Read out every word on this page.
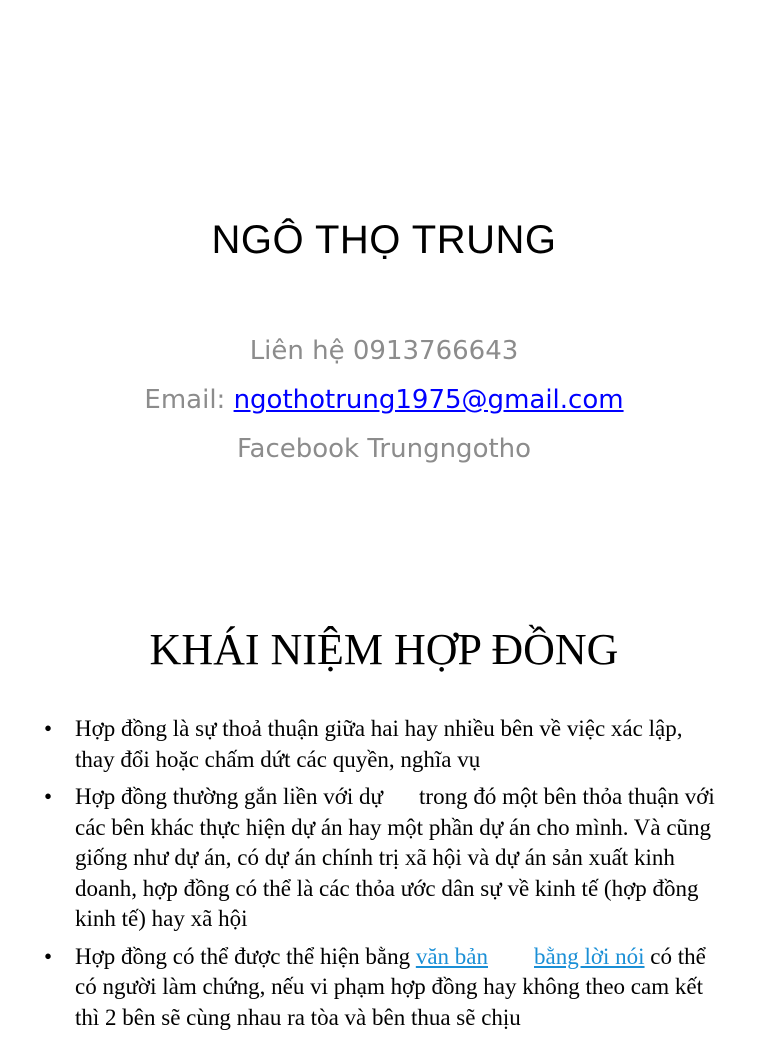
NGÔ THỌ TRUNG
Liên hệ 0913766643
Email: ngothotrung1975@gmail.com
Facebook Trungngotho
KHÁI NIỆM HỢP ĐỒNG
• Hợp đồng là sự thoả thuận giữa hai hay nhiều bên về việc xác lập, thay đổi hoặc chấm dứt các quyền, nghĩa vụ
• Hợp đồng thường gắn liền với dự trong đó một bên thỏa thuận với các bên khác thực hiện dự án hay một phần dự án cho mình. Và cũng giống như dự án, có dự án chính trị xã hội và dự án sản xuất kinh doanh, hợp đồng có thể là các thỏa ước dân sự về kinh tế (hợp đồng kinh tế) hay xã hội
• Hợp đồng có thể được thể hiện bằng văn bản bằng lời nói có thể có người làm chứng, nếu vi phạm hợp đồng hay không theo cam kết thì 2 bên sẽ cùng nhau ra tòa và bên thua sẽ chịu
